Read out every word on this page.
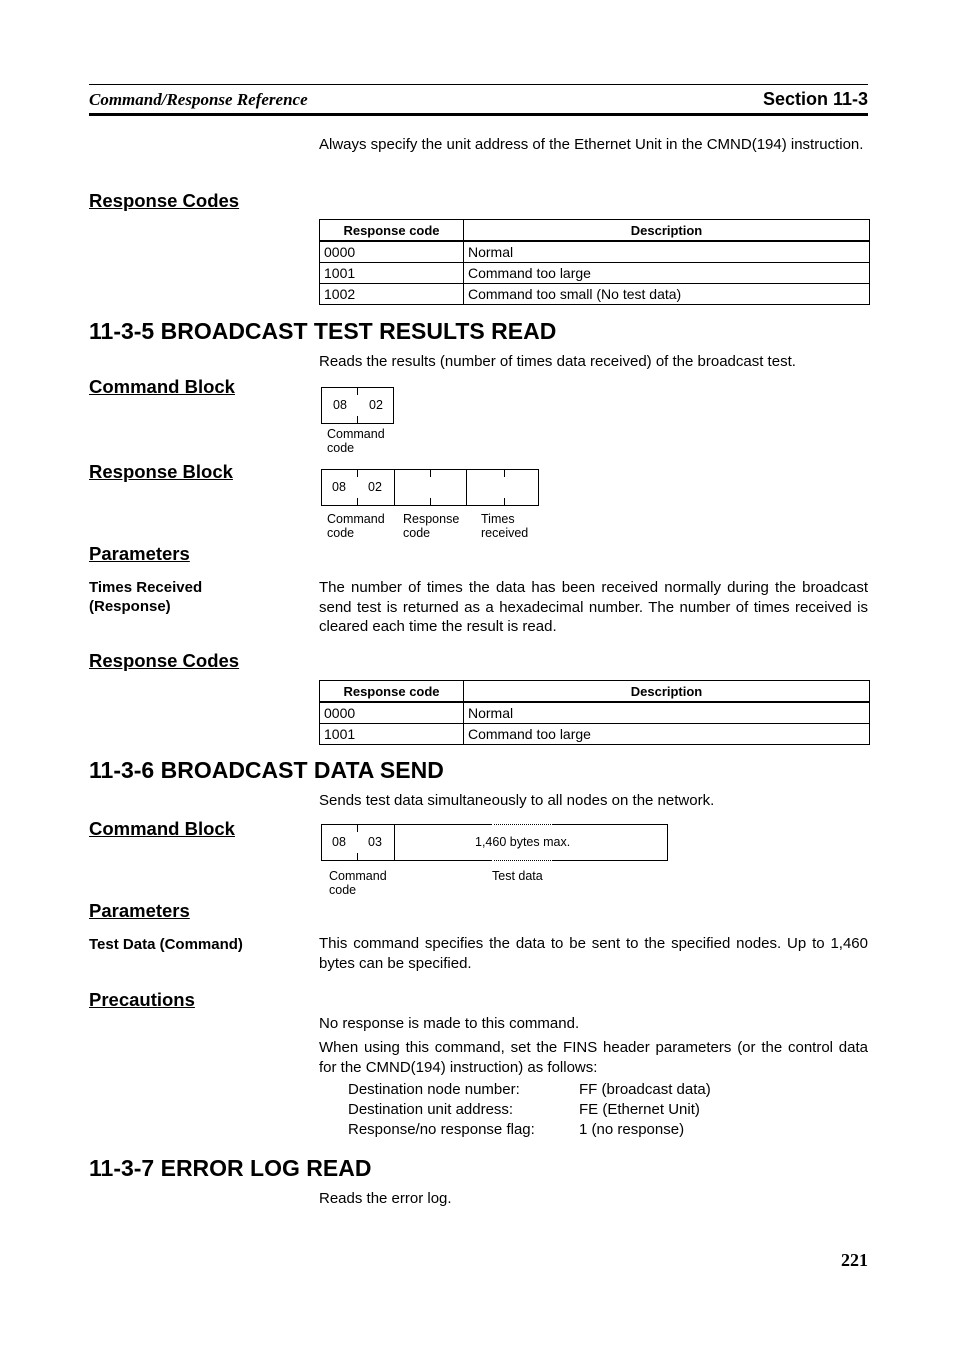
Command/Response Reference	Section 11-3
Always specify the unit address of the Ethernet Unit in the CMND(194) instruction.
Response Codes
Response code	Description
0000	Normal
1001	Command too large
1002	Command too small (No test data)
11-3-5 BROADCAST TEST RESULTS READ
Reads the results (number of times data received) of the broadcast test.
Command Block
08 02
Command
code
Response Block
08 02
Command
code
Response
code
Times
received
Parameters
Times Received
(Response)
The number of times the data has been received normally during the broadcast send test is returned as a hexadecimal number. The number of times received is cleared each time the result is read.
Response Codes
Response code	Description
0000	Normal
1001	Command too large
11-3-6 BROADCAST DATA SEND
Sends test data simultaneously to all nodes on the network.
Command Block
08 03	1,460 bytes max.
Command
code
Test data
Parameters
Test Data (Command)	This command specifies the data to be sent to the specified nodes. Up to 1,460 bytes can be specified.
Precautions
No response is made to this command.
When using this command, set the FINS header parameters (or the control data for the CMND(194) instruction) as follows:
Destination node number:	FF (broadcast data)
Destination unit address:	FE (Ethernet Unit)
Response/no response flag:	1 (no response)
11-3-7 ERROR LOG READ
Reads the error log.
221
